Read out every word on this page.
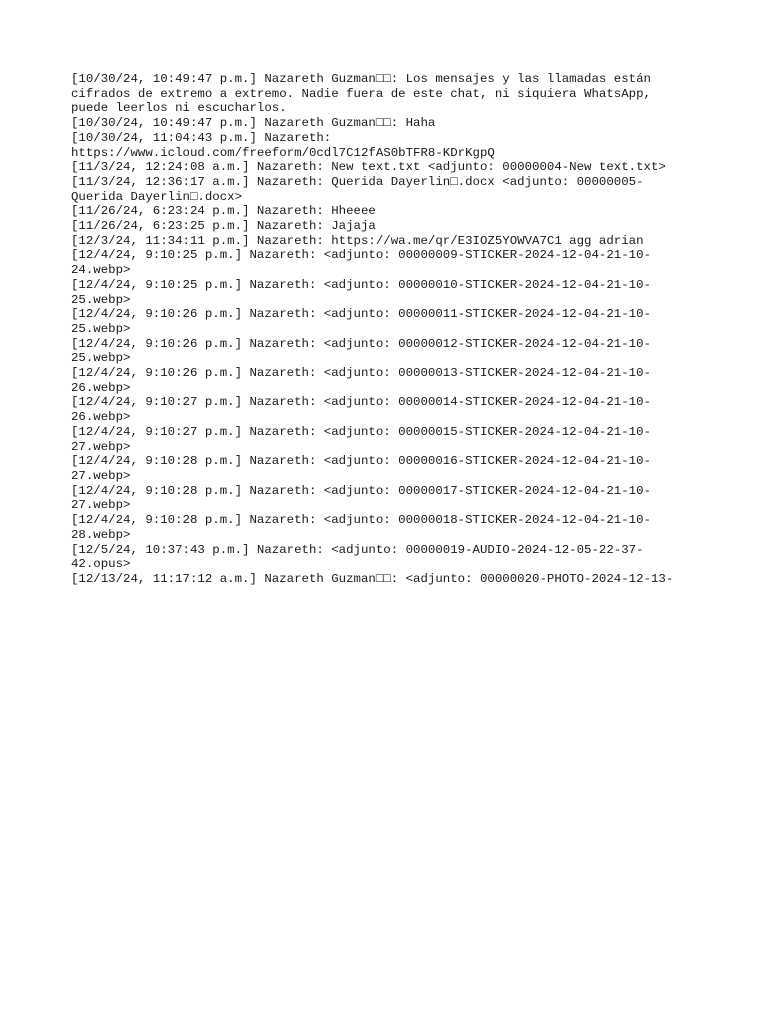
[10/30/24, 10:49:47 p.m.] Nazareth Guzman□□: Los mensajes y las llamadas están
cifrados de extremo a extremo. Nadie fuera de este chat, ni siquiera WhatsApp,
puede leerlos ni escucharlos.
[10/30/24, 10:49:47 p.m.] Nazareth Guzman□□: Haha
[10/30/24, 11:04:43 p.m.] Nazareth:
https://www.icloud.com/freeform/0cdl7C12fAS0bTFR8-KDrKgpQ
[11/3/24, 12:24:08 a.m.] Nazareth: New text.txt <adjunto: 00000004-New text.txt>
[11/3/24, 12:36:17 a.m.] Nazareth: Querida Dayerlin□.docx <adjunto: 00000005-
Querida Dayerlin□.docx>
[11/26/24, 6:23:24 p.m.] Nazareth: Hheeee
[11/26/24, 6:23:25 p.m.] Nazareth: Jajaja
[12/3/24, 11:34:11 p.m.] Nazareth: https://wa.me/qr/E3IOZ5YOWVA7C1 agg adrian
[12/4/24, 9:10:25 p.m.] Nazareth: <adjunto: 00000009-STICKER-2024-12-04-21-10-
24.webp>
[12/4/24, 9:10:25 p.m.] Nazareth: <adjunto: 00000010-STICKER-2024-12-04-21-10-
25.webp>
[12/4/24, 9:10:26 p.m.] Nazareth: <adjunto: 00000011-STICKER-2024-12-04-21-10-
25.webp>
[12/4/24, 9:10:26 p.m.] Nazareth: <adjunto: 00000012-STICKER-2024-12-04-21-10-
25.webp>
[12/4/24, 9:10:26 p.m.] Nazareth: <adjunto: 00000013-STICKER-2024-12-04-21-10-
26.webp>
[12/4/24, 9:10:27 p.m.] Nazareth: <adjunto: 00000014-STICKER-2024-12-04-21-10-
26.webp>
[12/4/24, 9:10:27 p.m.] Nazareth: <adjunto: 00000015-STICKER-2024-12-04-21-10-
27.webp>
[12/4/24, 9:10:28 p.m.] Nazareth: <adjunto: 00000016-STICKER-2024-12-04-21-10-
27.webp>
[12/4/24, 9:10:28 p.m.] Nazareth: <adjunto: 00000017-STICKER-2024-12-04-21-10-
27.webp>
[12/4/24, 9:10:28 p.m.] Nazareth: <adjunto: 00000018-STICKER-2024-12-04-21-10-
28.webp>
[12/5/24, 10:37:43 p.m.] Nazareth: <adjunto: 00000019-AUDIO-2024-12-05-22-37-
42.opus>
[12/13/24, 11:17:12 a.m.] Nazareth Guzman□□: <adjunto: 00000020-PHOTO-2024-12-13-
